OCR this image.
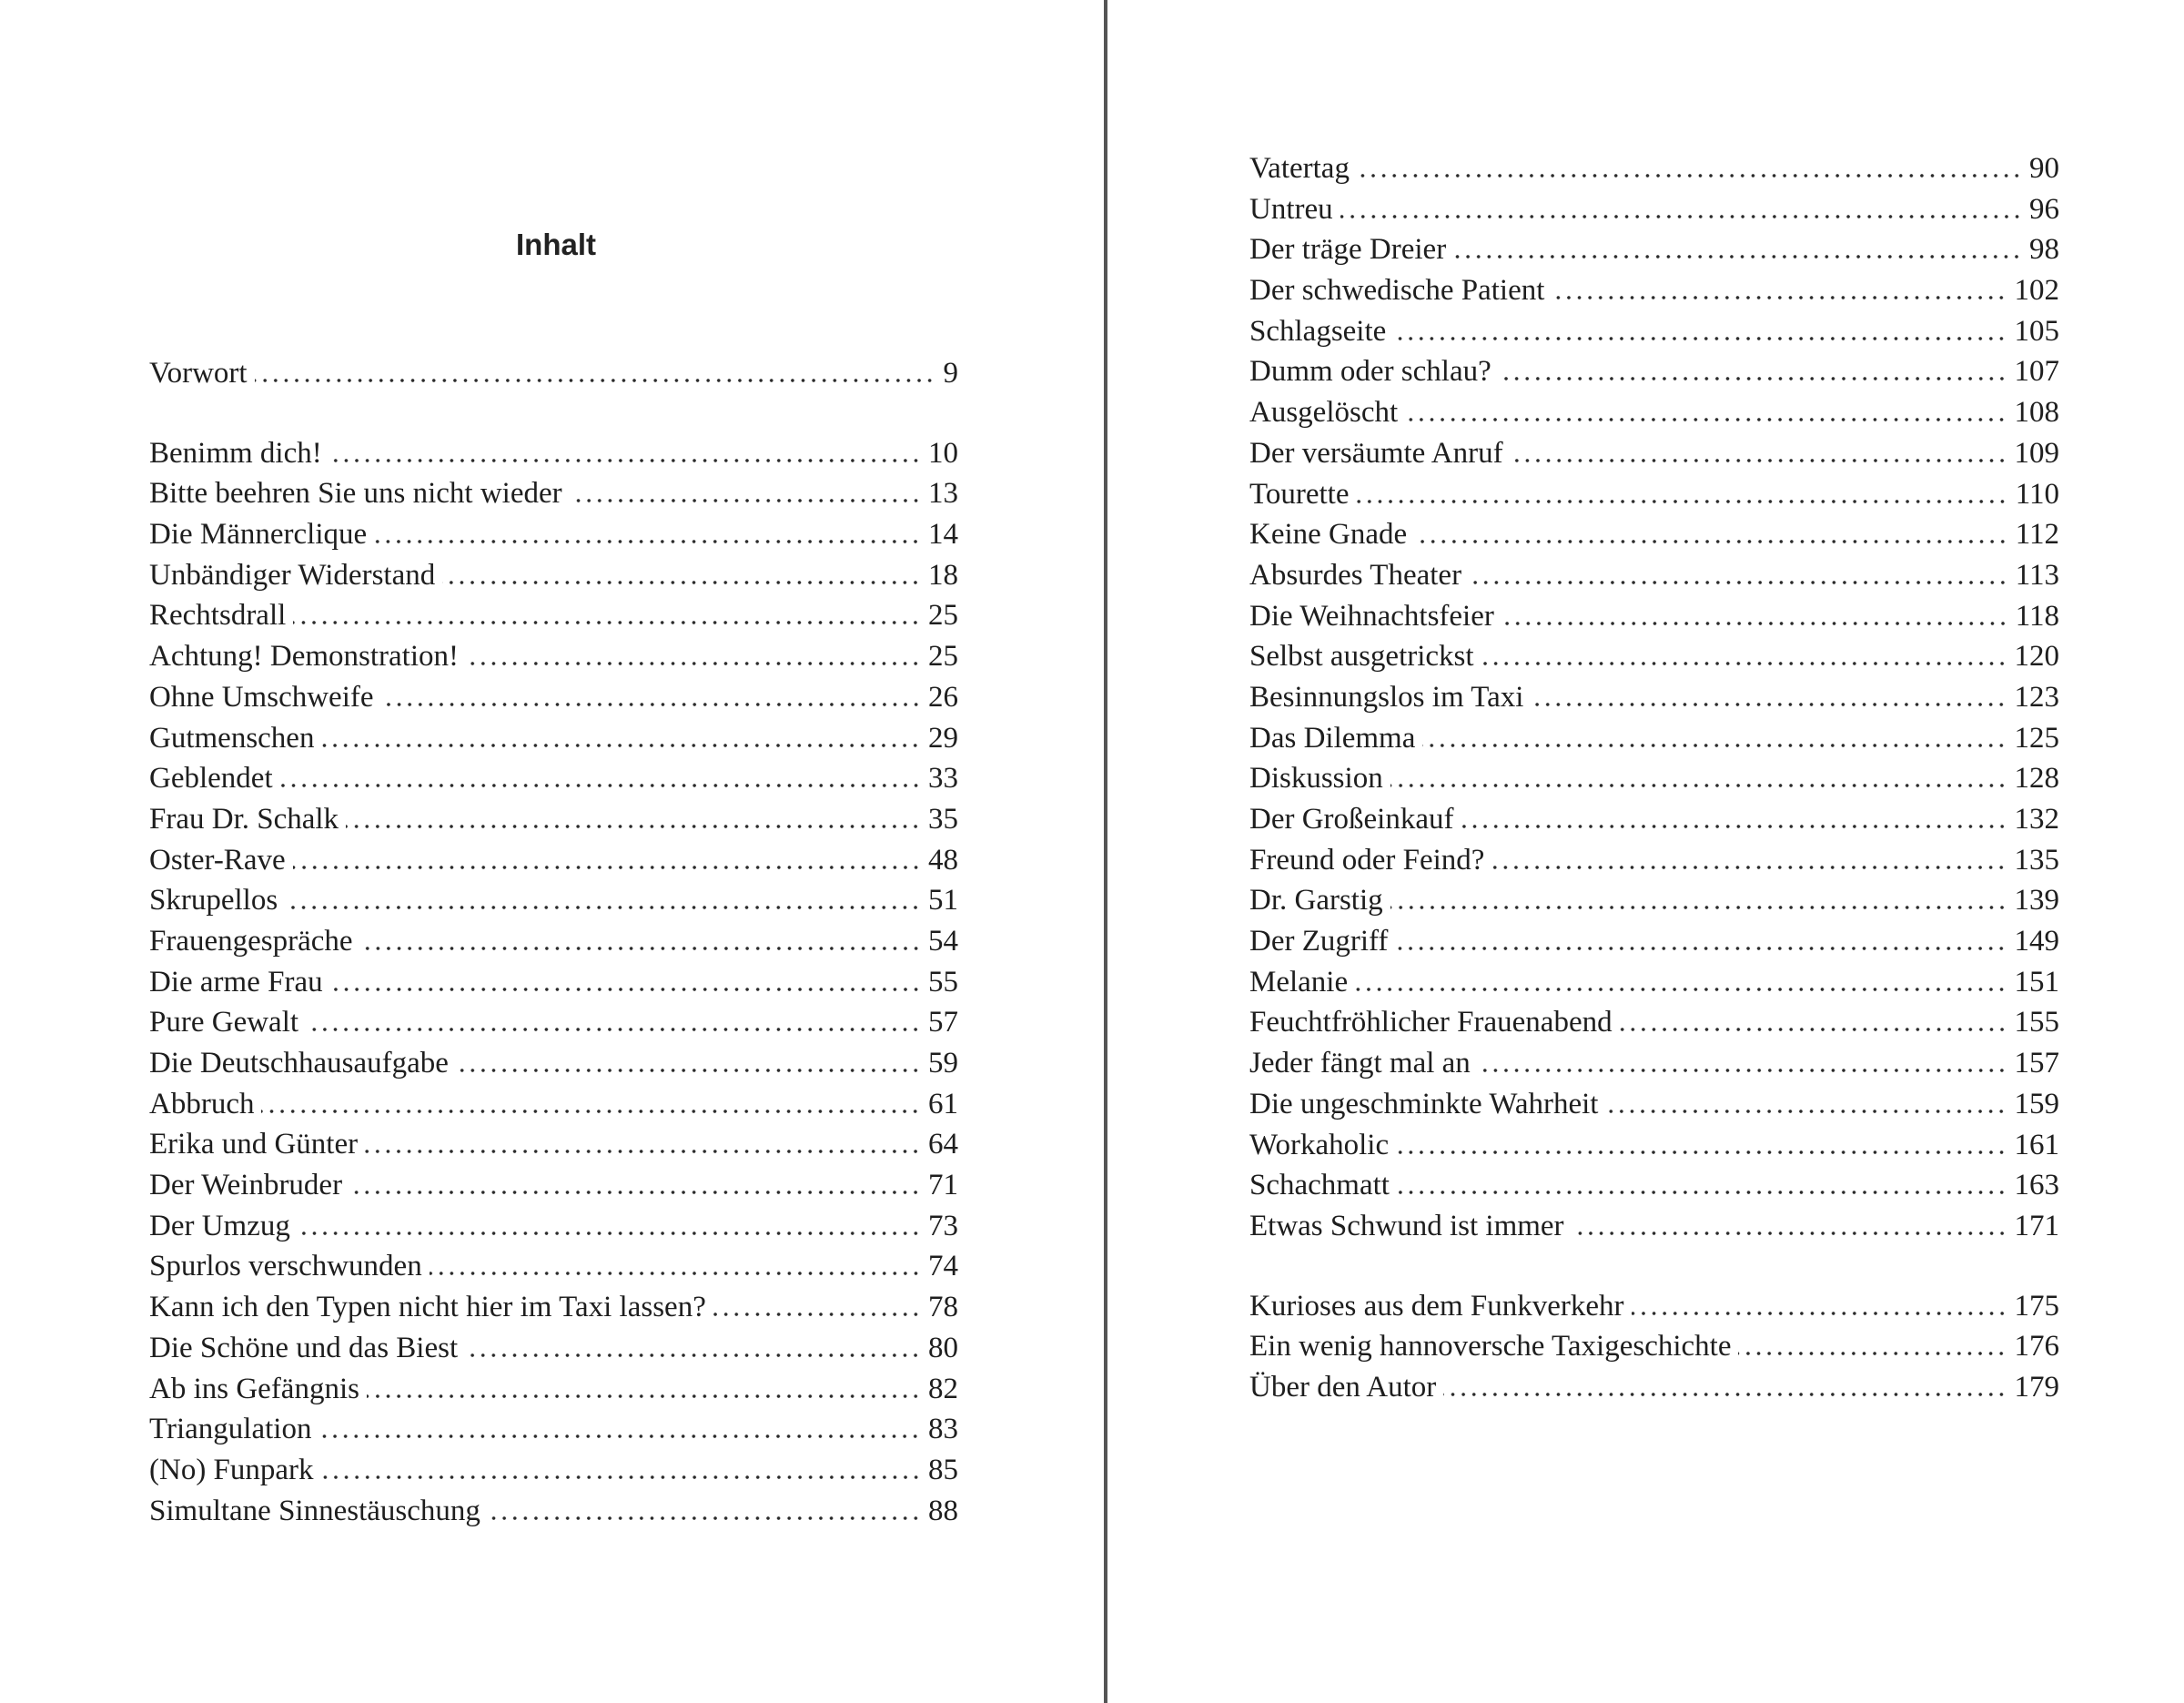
Inhalt
Vorwort	9
Benimm dich!	10
Bitte beehren Sie uns nicht wieder	13
Die Männerclique	14
Unbändiger Widerstand	18
Rechtsdrall	25
Achtung! Demonstration!	25
Ohne Umschweife	26
Gutmenschen	29
Geblendet	33
Frau Dr. Schalk	35
Oster-Rave	48
Skrupellos	51
Frauengespräche	54
Die arme Frau	55
Pure Gewalt	57
Die Deutschhausaufgabe	59
Abbruch	61
Erika und Günter	64
Der Weinbruder	71
Der Umzug	73
Spurlos verschwunden	74
Kann ich den Typen nicht hier im Taxi lassen?	78
Die Schöne und das Biest	80
Ab ins Gefängnis	82
Triangulation	83
(No) Funpark	85
Simultane Sinnestäuschung	88
Vatertag	90
Untreu	96
Der träge Dreier	98
Der schwedische Patient	102
Schlagseite	105
Dumm oder schlau?	107
Ausgelöscht	108
Der versäumte Anruf	109
Tourette	110
Keine Gnade	112
Absurdes Theater	113
Die Weihnachtsfeier	118
Selbst ausgetrickst	120
Besinnungslos im Taxi	123
Das Dilemma	125
Diskussion	128
Der Großeinkauf	132
Freund oder Feind?	135
Dr. Garstig	139
Der Zugriff	149
Melanie	151
Feuchtfröhlicher Frauenabend	155
Jeder fängt mal an	157
Die ungeschminkte Wahrheit	159
Workaholic	161
Schachmatt	163
Etwas Schwund ist immer	171
Kurioses aus dem Funkverkehr	175
Ein wenig hannoversche Taxigeschichte	176
Über den Autor	179
